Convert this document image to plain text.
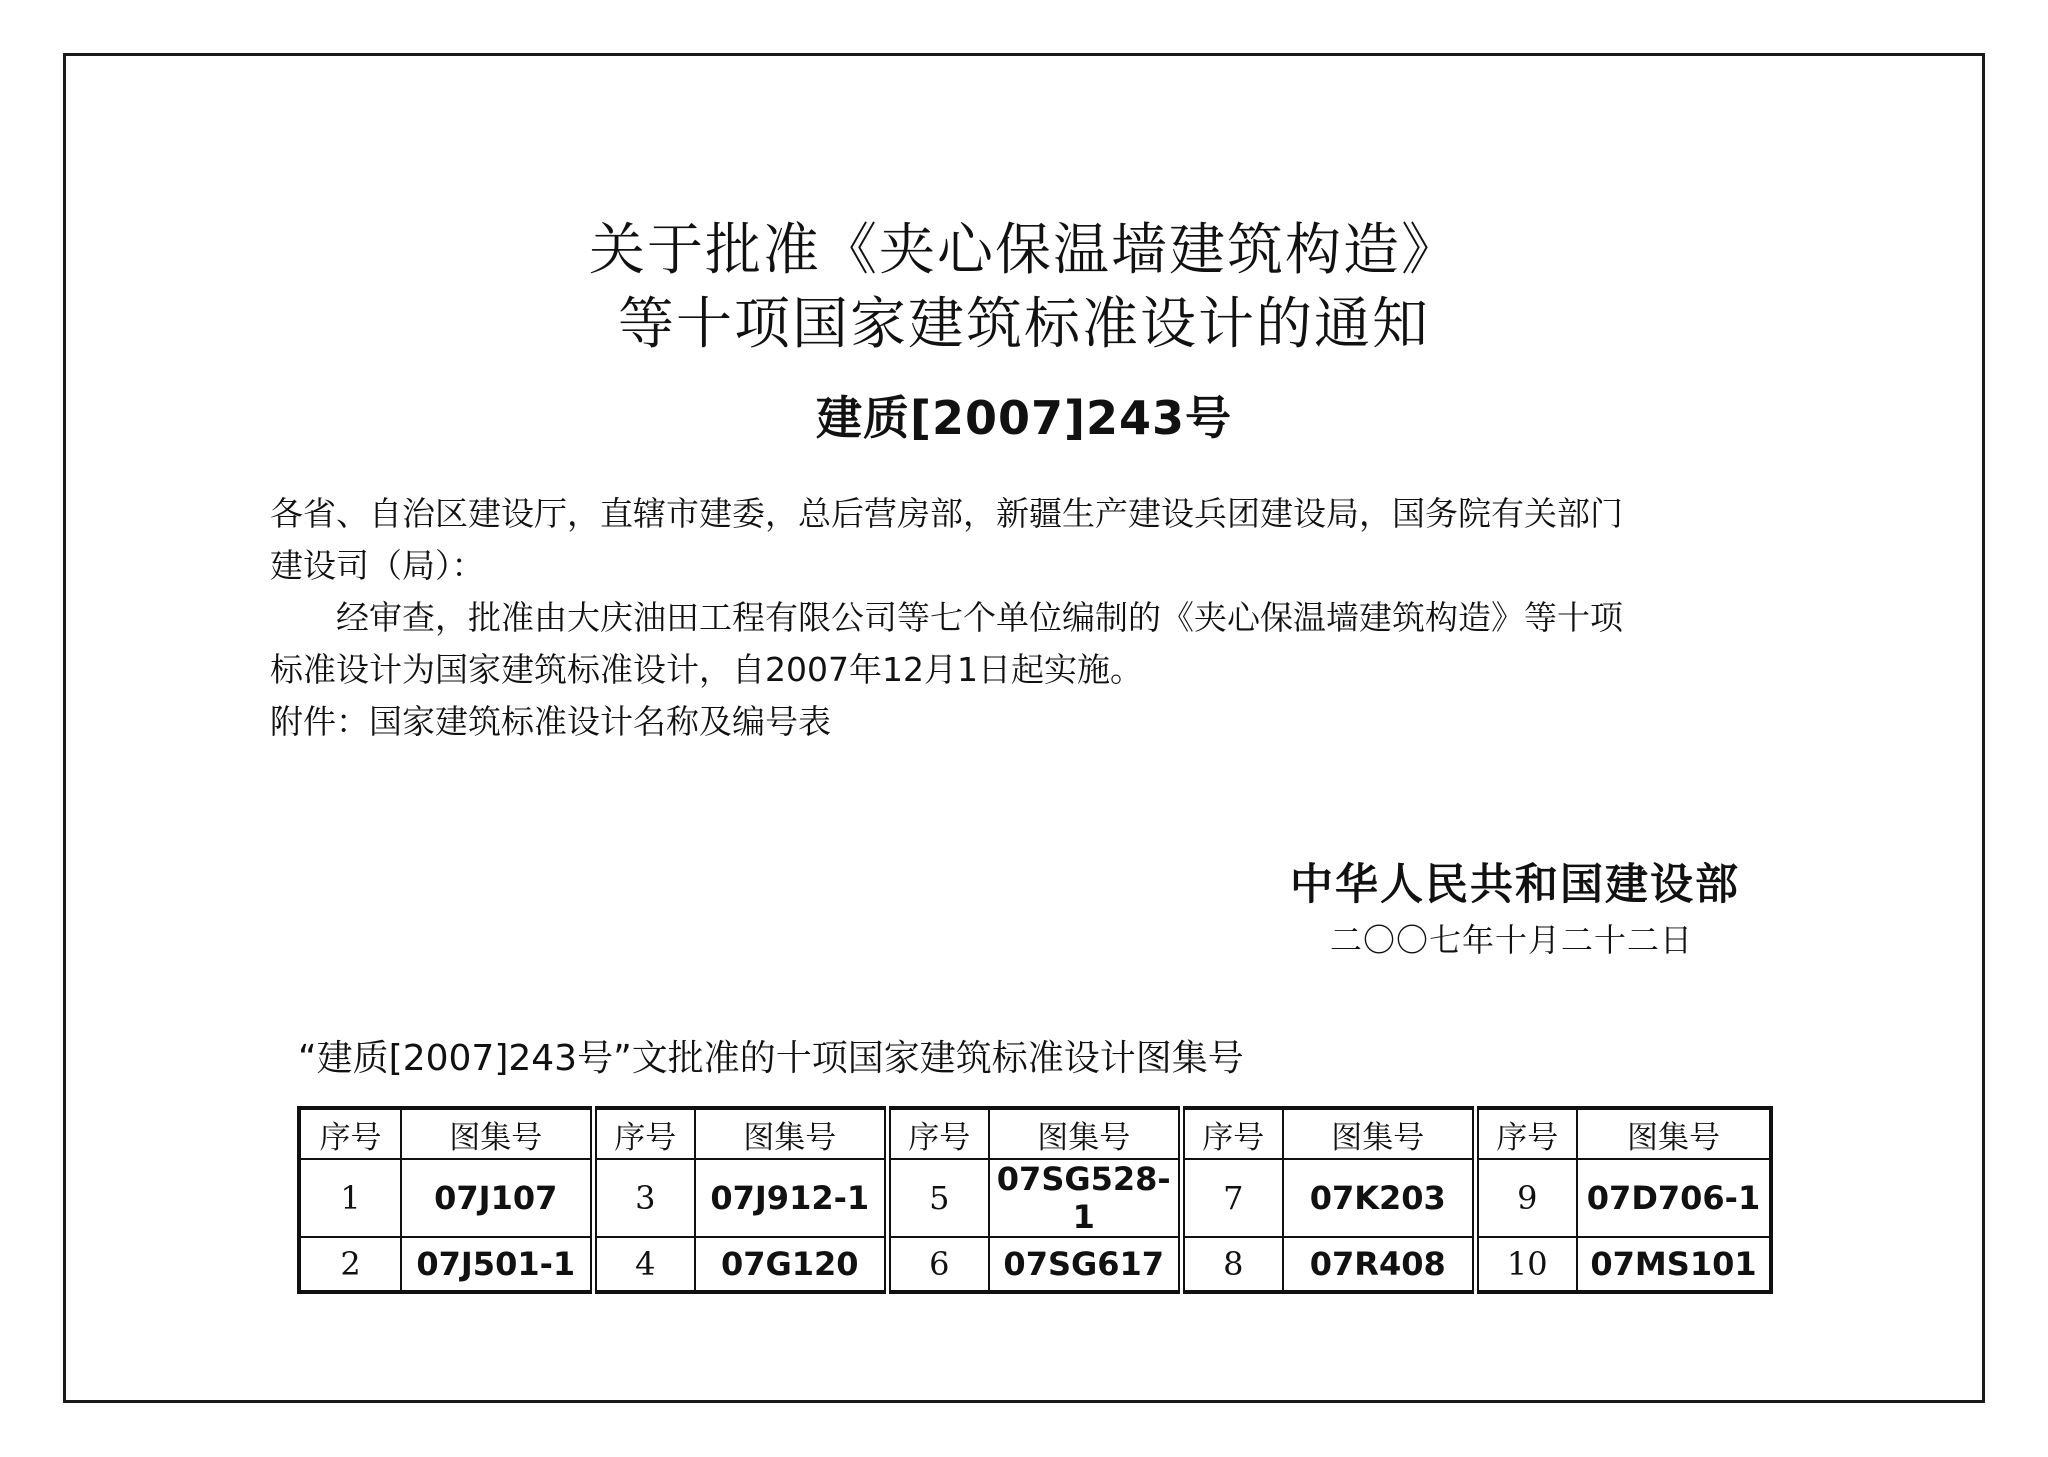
关于批准《夹心保温墙建筑构造》
等十项国家建筑标准设计的通知
建质[2007]243号
各省、自治区建设厅，直辖市建委，总后营房部，新疆生产建设兵团建设局，国务院有关部门
建设司（局）：
经审查，批准由大庆油田工程有限公司等七个单位编制的《夹心保温墙建筑构造》等十项
标准设计为国家建筑标准设计，自2007年12月1日起实施。
附件：国家建筑标准设计名称及编号表
中华人民共和国建设部
二〇〇七年十月二十二日
“建质[2007]243号”文批准的十项国家建筑标准设计图集号
序号	图集号	序号	图集号	序号	图集号	序号	图集号	序号	图集号
1	07J107	3	07J912-1	5	07SG528-1	7	07K203	9	07D706-1
2	07J501-1	4	07G120	6	07SG617	8	07R408	10	07MS101
